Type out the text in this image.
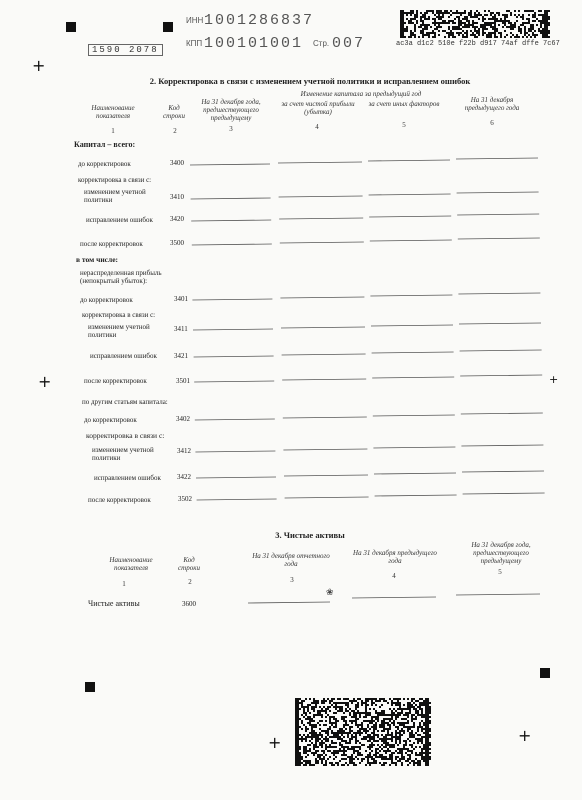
+
+
+	+
+
1590 2078
ИНН 1001286837
КПП 100101001 Стр. 007	ac3a d1c2 510e f22b d917 74af dffe 7c67
2. Корректировка в связи с изменением учетной политики и исправлением ошибок
Наименование показателя
Код строки
На 31 декабря года, предшествующего предыдущему
Изменение капитала за предыдущий год
за счет чистой прибыли (убытка)
за счет иных факторов	На 31 декабря предыдущего года
1	2	3	4	5	6
Капитал – всего:
до корректировок	3400
корректировка в связи с:
изменением учетной политики	3410
исправлением ошибок 3420
после корректировок	3500
в том числе:
нераспределенная прибыль (непокрытый убыток):
до корректировок	3401
корректировка в связи с:
изменением учетной политики
3411
исправлением ошибок 3421
после корректировок	3501
по другим статьям капитала:
до корректировок	3402
корректировка в связи с:
изменением учетной политики
3412
исправлением ошибок 3422
после корректировок	3502
3. Чистые активы
Наименование показателя
Код строки
На 31 декабря отчетного года
На 31 декабря предыдущего года
На 31 декабря года, предшествующего предыдущему
1	2	3	4	5
Чистые активы	3600
❀
